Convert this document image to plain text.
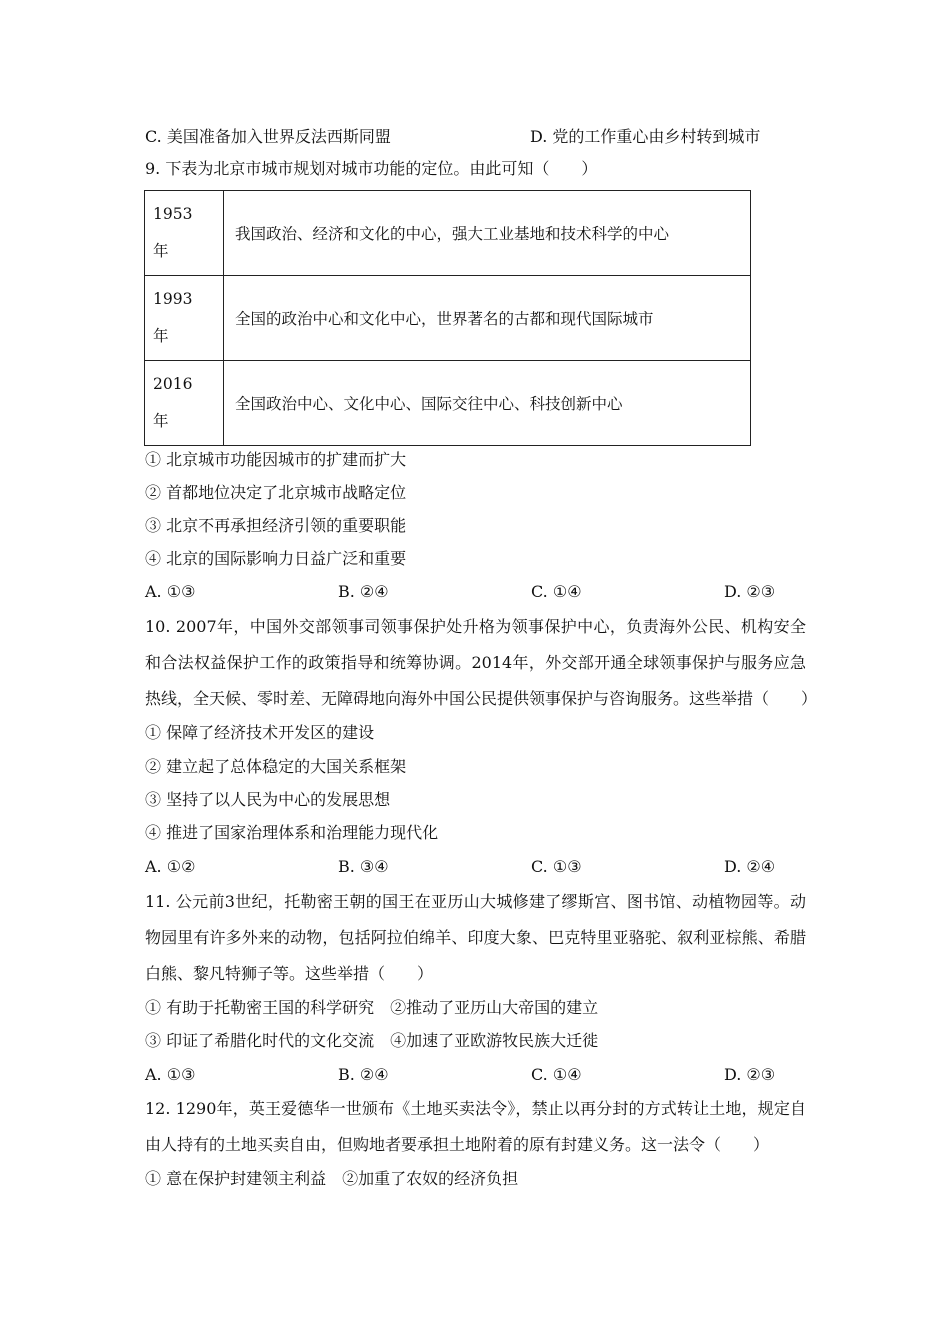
C. 美国准备加入世界反法西斯同盟	D. 党的工作重心由乡村转到城市
9. 下表为北京市城市规划对城市功能的定位。由此可知（　　）
1953
年	我国政治、经济和文化的中心，强大工业基地和技术科学的中心

1993
年	全国的政治中心和文化中心，世界著名的古都和现代国际城市

2016
年	全国政治中心、文化中心、国际交往中心、科技创新中心
① 北京城市功能因城市的扩建而扩大
② 首都地位决定了北京城市战略定位
③ 北京不再承担经济引领的重要职能
④ 北京的国际影响力日益广泛和重要
A. ①③	B. ②④	C. ①④	D. ②③
10. 2007年，中国外交部领事司领事保护处升格为领事保护中心，负责海外公民、机构安全
和合法权益保护工作的政策指导和统筹协调。2014年，外交部开通全球领事保护与服务应急
热线，全天候、零时差、无障碍地向海外中国公民提供领事保护与咨询服务。这些举措（　　）
① 保障了经济技术开发区的建设
② 建立起了总体稳定的大国关系框架
③ 坚持了以人民为中心的发展思想
④ 推进了国家治理体系和治理能力现代化
A. ①②	B. ③④	C. ①③	D. ②④
11. 公元前3世纪，托勒密王朝的国王在亚历山大城修建了缪斯宫、图书馆、动植物园等。动
物园里有许多外来的动物，包括阿拉伯绵羊、印度大象、巴克特里亚骆驼、叙利亚棕熊、希腊
白熊、黎凡特狮子等。这些举措（　　）
① 有助于托勒密王国的科学研究　②推动了亚历山大帝国的建立
③ 印证了希腊化时代的文化交流　④加速了亚欧游牧民族大迁徙
A. ①③	B. ②④	C. ①④	D. ②③
12. 1290年，英王爱德华一世颁布《土地买卖法令》，禁止以再分封的方式转让土地，规定自
由人持有的土地买卖自由，但购地者要承担土地附着的原有封建义务。这一法令（　　）
① 意在保护封建领主利益　②加重了农奴的经济负担
